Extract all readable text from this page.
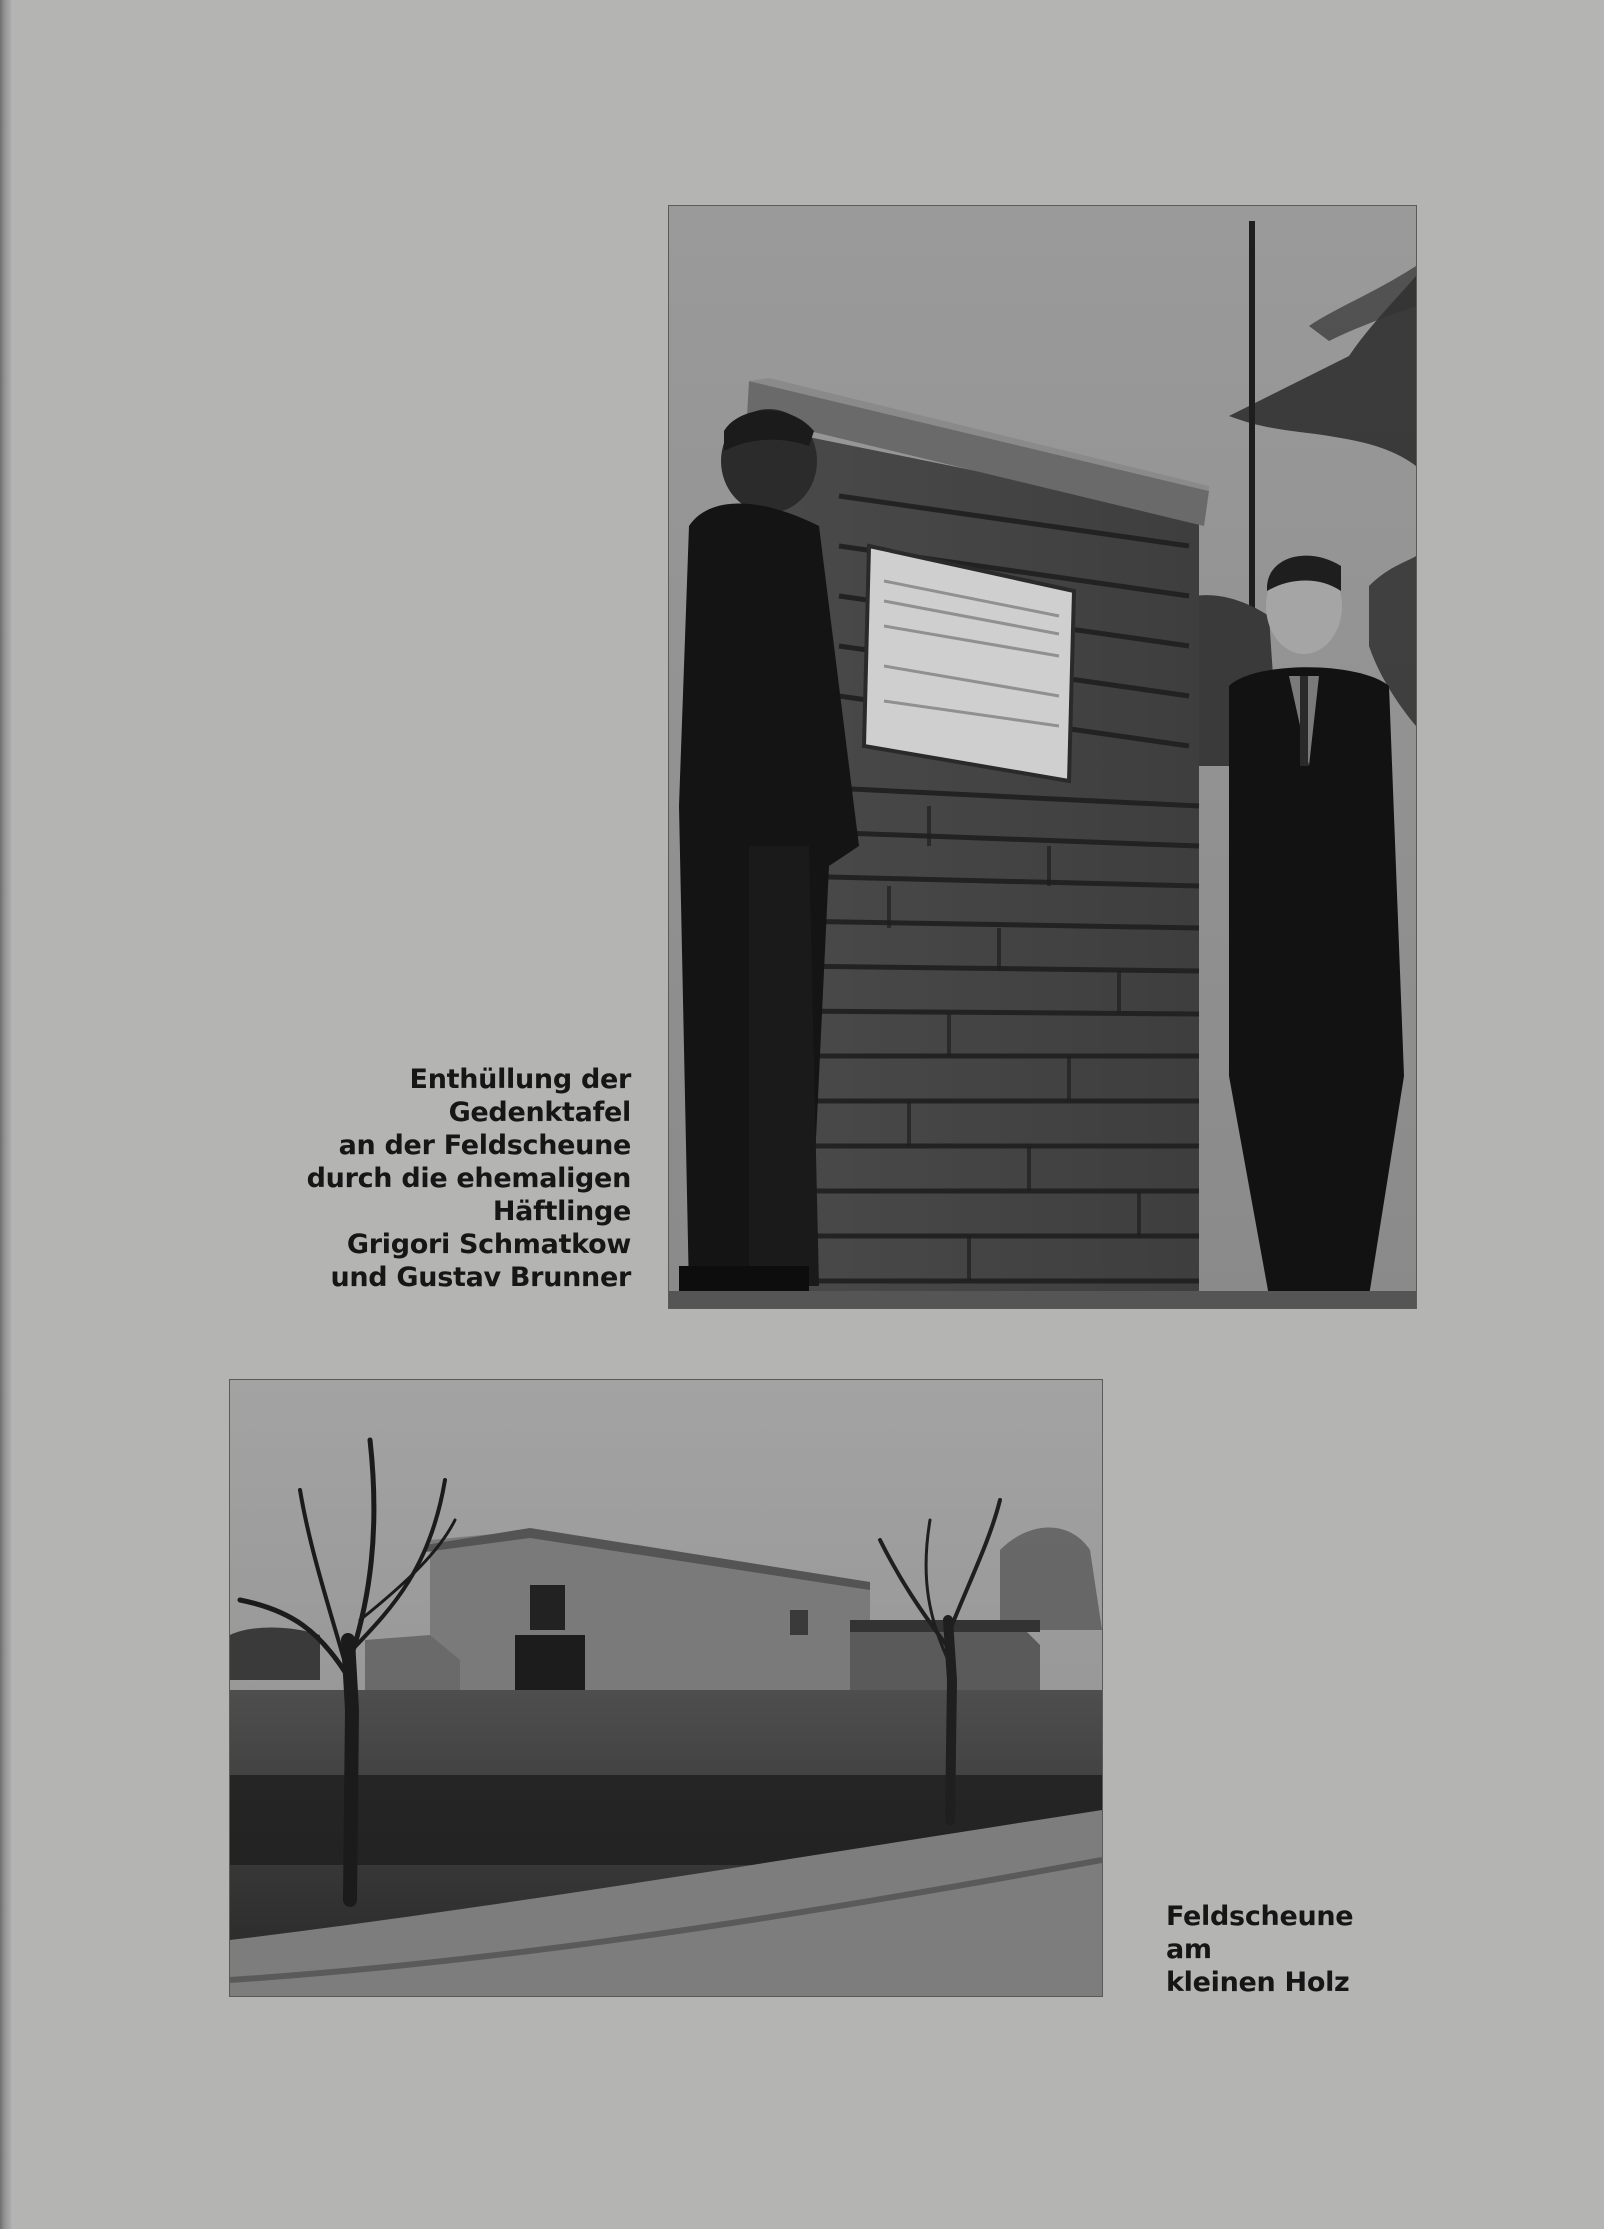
Enthüllung der
Gedenktafel
an der Feldscheune
durch die ehemaligen
Häftlinge
Grigori Schmatkow
und Gustav Brunner

Feldscheune
am
kleinen Holz
